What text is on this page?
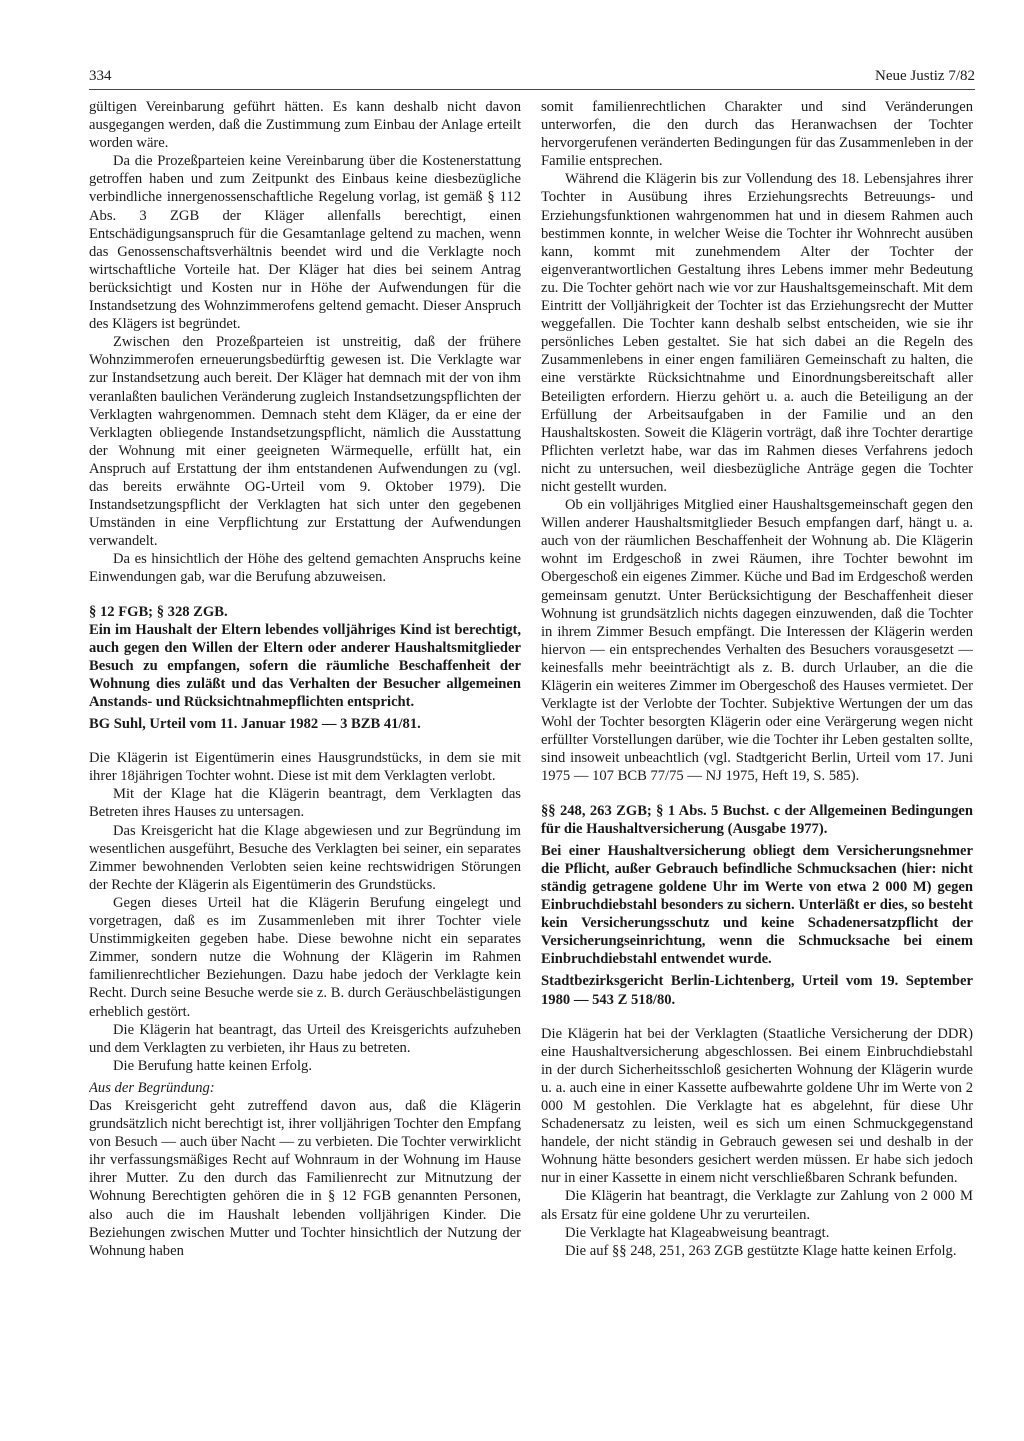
334	Neue Justiz 7/82

gültigen Vereinbarung geführt hätten. Es kann deshalb nicht davon ausgegangen werden, daß die Zustimmung zum Einbau der Anlage erteilt worden wäre.

Da die Prozeßparteien keine Vereinbarung über die Kostenerstattung getroffen haben und zum Zeitpunkt des Einbaus keine diesbezügliche verbindliche innergenossenschaftliche Regelung vorlag, ist gemäß § 112 Abs. 3 ZGB der Kläger allenfalls berechtigt, einen Entschädigungsanspruch für die Gesamtanlage geltend zu machen, wenn das Genossenschaftsverhältnis beendet wird und die Verklagte noch wirtschaftliche Vorteile hat. Der Kläger hat dies bei seinem Antrag berücksichtigt und Kosten nur in Höhe der Aufwendungen für die Instandsetzung des Wohnzimmerofens geltend gemacht. Dieser Anspruch des Klägers ist begründet.

Zwischen den Prozeßparteien ist unstreitig, daß der frühere Wohnzimmerofen erneuerungsbedürftig gewesen ist. Die Verklagte war zur Instandsetzung auch bereit. Der Kläger hat demnach mit der von ihm veranlaßten baulichen Veränderung zugleich Instandsetzungspflichten der Verklagten wahrgenommen. Demnach steht dem Kläger, da er eine der Verklagten obliegende Instandsetzungspflicht, nämlich die Ausstattung der Wohnung mit einer geeigneten Wärmequelle, erfüllt hat, ein Anspruch auf Erstattung der ihm entstandenen Aufwendungen zu (vgl. das bereits erwähnte OG-Urteil vom 9. Oktober 1979). Die Instandsetzungspflicht der Verklagten hat sich unter den gegebenen Umständen in eine Verpflichtung zur Erstattung der Aufwendungen verwandelt.

Da es hinsichtlich der Höhe des geltend gemachten Anspruchs keine Einwendungen gab, war die Berufung abzuweisen.

§ 12 FGB; § 328 ZGB.

Ein im Haushalt der Eltern lebendes volljähriges Kind ist berechtigt, auch gegen den Willen der Eltern oder anderer Haushaltsmitglieder Besuch zu empfangen, sofern die räumliche Beschaffenheit der Wohnung dies zuläßt und das Verhalten der Besucher allgemeinen Anstands- und Rücksichtnahmepflichten entspricht.

BG Suhl, Urteil vom 11. Januar 1982 — 3 BZB 41/81.

Die Klägerin ist Eigentümerin eines Hausgrundstücks, in dem sie mit ihrer 18jährigen Tochter wohnt. Diese ist mit dem Verklagten verlobt.

Mit der Klage hat die Klägerin beantragt, dem Verklagten das Betreten ihres Hauses zu untersagen.

Das Kreisgericht hat die Klage abgewiesen und zur Begründung im wesentlichen ausgeführt, Besuche des Verklagten bei seiner, ein separates Zimmer bewohnenden Verlobten seien keine rechtswidrigen Störungen der Rechte der Klägerin als Eigentümerin des Grundstücks.

Gegen dieses Urteil hat die Klägerin Berufung eingelegt und vorgetragen, daß es im Zusammenleben mit ihrer Tochter viele Unstimmigkeiten gegeben habe. Diese bewohne nicht ein separates Zimmer, sondern nutze die Wohnung der Klägerin im Rahmen familienrechtlicher Beziehungen. Dazu habe jedoch der Verklagte kein Recht. Durch seine Besuche werde sie z. B. durch Geräuschbelästigungen erheblich gestört.

Die Klägerin hat beantragt, das Urteil des Kreisgerichts aufzuheben und dem Verklagten zu verbieten, ihr Haus zu betreten.

Die Berufung hatte keinen Erfolg.

Aus der Begründung:

Das Kreisgericht geht zutreffend davon aus, daß die Klägerin grundsätzlich nicht berechtigt ist, ihrer volljährigen Tochter den Empfang von Besuch — auch über Nacht — zu verbieten. Die Tochter verwirklicht ihr verfassungsmäßiges Recht auf Wohnraum in der Wohnung im Hause ihrer Mutter. Zu den durch das Familienrecht zur Mitnutzung der Wohnung Berechtigten gehören die in § 12 FGB genannten Personen, also auch die im Haushalt lebenden volljährigen Kinder. Die Beziehungen zwischen Mutter und Tochter hinsichtlich der Nutzung der Wohnung haben

somit familienrechtlichen Charakter und sind Veränderungen unterworfen, die den durch das Heranwachsen der Tochter hervorgerufenen veränderten Bedingungen für das Zusammenleben in der Familie entsprechen.

Während die Klägerin bis zur Vollendung des 18. Lebensjahres ihrer Tochter in Ausübung ihres Erziehungsrechts Betreuungs- und Erziehungsfunktionen wahrgenommen hat und in diesem Rahmen auch bestimmen konnte, in welcher Weise die Tochter ihr Wohnrecht ausüben kann, kommt mit zunehmendem Alter der Tochter der eigenverantwortlichen Gestaltung ihres Lebens immer mehr Bedeutung zu. Die Tochter gehört nach wie vor zur Haushaltsgemeinschaft. Mit dem Eintritt der Volljährigkeit der Tochter ist das Erziehungsrecht der Mutter weggefallen. Die Tochter kann deshalb selbst entscheiden, wie sie ihr persönliches Leben gestaltet. Sie hat sich dabei an die Regeln des Zusammenlebens in einer engen familiären Gemeinschaft zu halten, die eine verstärkte Rücksichtnahme und Einordnungsbereitschaft aller Beteiligten erfordern. Hierzu gehört u. a. auch die Beteiligung an der Erfüllung der Arbeitsaufgaben in der Familie und an den Haushaltskosten. Soweit die Klägerin vorträgt, daß ihre Tochter derartige Pflichten verletzt habe, war das im Rahmen dieses Verfahrens jedoch nicht zu untersuchen, weil diesbezügliche Anträge gegen die Tochter nicht gestellt wurden.

Ob ein volljähriges Mitglied einer Haushaltsgemeinschaft gegen den Willen anderer Haushaltsmitglieder Besuch empfangen darf, hängt u. a. auch von der räumlichen Beschaffenheit der Wohnung ab. Die Klägerin wohnt im Erdgeschoß in zwei Räumen, ihre Tochter bewohnt im Obergeschoß ein eigenes Zimmer. Küche und Bad im Erdgeschoß werden gemeinsam genutzt. Unter Berücksichtigung der Beschaffenheit dieser Wohnung ist grundsätzlich nichts dagegen einzuwenden, daß die Tochter in ihrem Zimmer Besuch empfängt. Die Interessen der Klägerin werden hiervon — ein entsprechendes Verhalten des Besuchers vorausgesetzt — keinesfalls mehr beeinträchtigt als z. B. durch Urlauber, an die die Klägerin ein weiteres Zimmer im Obergeschoß des Hauses vermietet. Der Verklagte ist der Verlobte der Tochter. Subjektive Wertungen der um das Wohl der Tochter besorgten Klägerin oder eine Verärgerung wegen nicht erfüllter Vorstellungen darüber, wie die Tochter ihr Leben gestalten sollte, sind insoweit unbeachtlich (vgl. Stadtgericht Berlin, Urteil vom 17. Juni 1975 — 107 BCB 77/75 — NJ 1975, Heft 19, S. 585).

§§ 248, 263 ZGB; § 1 Abs. 5 Buchst. c der Allgemeinen Bedingungen für die Haushaltversicherung (Ausgabe 1977).

Bei einer Haushaltversicherung obliegt dem Versicherungsnehmer die Pflicht, außer Gebrauch befindliche Schmucksachen (hier: nicht ständig getragene goldene Uhr im Werte von etwa 2 000 M) gegen Einbruchdiebstahl besonders zu sichern. Unterläßt er dies, so besteht kein Versicherungsschutz und keine Schadenersatzpflicht der Versicherungseinrichtung, wenn die Schmucksache bei einem Einbruchdiebstahl entwendet wurde.

Stadtbezirksgericht Berlin-Lichtenberg, Urteil vom 19. September 1980 — 543 Z 518/80.

Die Klägerin hat bei der Verklagten (Staatliche Versicherung der DDR) eine Haushaltversicherung abgeschlossen. Bei einem Einbruchdiebstahl in der durch Sicherheitsschloß gesicherten Wohnung der Klägerin wurde u. a. auch eine in einer Kassette aufbewahrte goldene Uhr im Werte von 2 000 M gestohlen. Die Verklagte hat es abgelehnt, für diese Uhr Schadenersatz zu leisten, weil es sich um einen Schmuckgegenstand handele, der nicht ständig in Gebrauch gewesen sei und deshalb in der Wohnung hätte besonders gesichert werden müssen. Er habe sich jedoch nur in einer Kassette in einem nicht verschließbaren Schrank befunden.

Die Klägerin hat beantragt, die Verklagte zur Zahlung von 2 000 M als Ersatz für eine goldene Uhr zu verurteilen.

Die Verklagte hat Klageabweisung beantragt.

Die auf §§ 248, 251, 263 ZGB gestützte Klage hatte keinen Erfolg.
